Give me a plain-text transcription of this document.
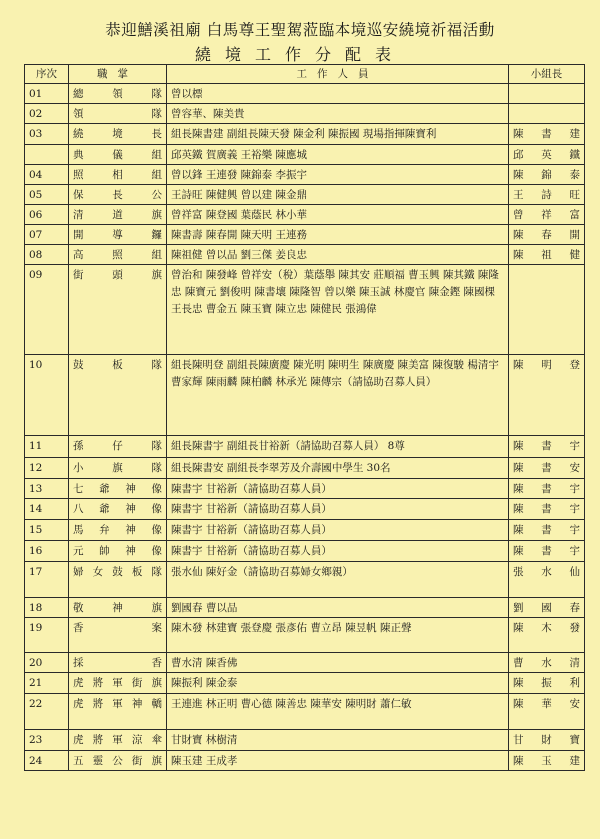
恭迎鱔溪祖廟 白馬尊王聖駕蒞臨本境巡安繞境祈福活動
繞境工作分配表
序次	職掌	工作人員	小組長
01	總領隊	曾以標	
02	領隊	曾容華、陳美貴	
03	繞境長	組長陳書建 副組長陳天發 陳金利 陳振國 現場指揮陳寶利	陳書建
	典儀組	邱英鐵 賀廣義 王裕樂 陳應城	邱英鐵
04	照相組	曾以鋒 王連發 陳錦泰 李振宇	陳錦泰
05	保長公	王詩旺 陳健興 曾以建 陳金鼎	王詩旺
06	清道旗	曾祥富 陳登國 葉蔭民 林小華	曾祥富
07	開導鑼	陳書壽 陳春開 陳天明 王連務	陳春開
08	高照組	陳祖健 曾以品 劉三傑 姜良忠	陳祖健
09	街頭旗	曾治和 陳發峰 曾祥安（稅）葉蔭舉 陳其安 莊順福 曹玉興 陳其鐵 陳隆忠 陳寶元 劉俊明 陳書壤 陳隆智 曾以樂 陳玉誠 林慶官 陳金鏗 陳國棵 王長忠 曹金五 陳玉寶 陳立忠 陳健民 張鴻偉	
10	鼓板隊	組長陳明登 副組長陳廣慶 陳光明 陳明生 陳廣慶 陳美富 陳復駿 楊清宇 曹家輝 陳雨麟 陳柏麟 林承光 陳傳宗（請協助召募人員）	陳明登
11	孫仔隊	組長陳書宇 副組長甘裕新（請協助召募人員） 8尊	陳書宇
12	小旗隊	組長陳書安 副組長李翠芳及介壽國中學生 30名	陳書安
13	七爺神像	陳書宇 甘裕新（請協助召募人員）	陳書宇
14	八爺神像	陳書宇 甘裕新（請協助召募人員）	陳書宇
15	馬弁神像	陳書宇 甘裕新（請協助召募人員）	陳書宇
16	元帥神像	陳書宇 甘裕新（請協助召募人員）	陳書宇
17	婦女鼓板隊	張水仙 陳好金（請協助召募婦女鄉親）	張水仙
18	敬神旗	劉國春 曹以品	劉國春
19	香案	陳木發 林建寶 張登慶 張彥佑 曹立昂 陳昱帆 陳正聲	陳木發
20	採香	曹水清 陳香佛	曹水清
21	虎將軍街旗	陳振利 陳金泰	陳振利
22	虎將軍神轎	王連進 林正明 曹心德 陳善忠 陳華安 陳明財 蕭仁敏	陳華安
23	虎將軍涼傘	甘財寶 林樹清	甘財寶
24	五靈公街旗	陳玉建 王成孝	陳玉建
